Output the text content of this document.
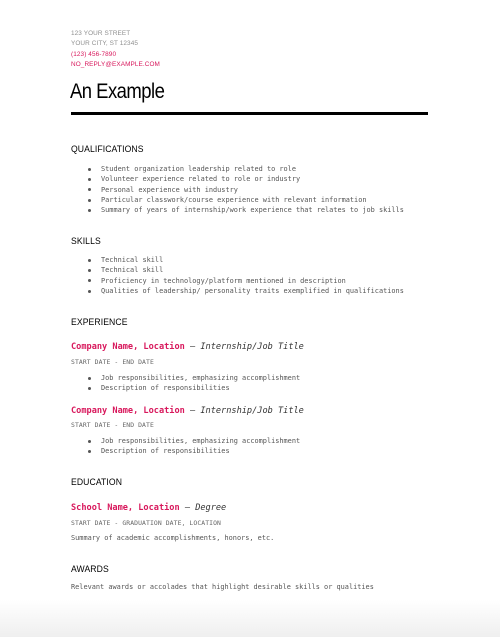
123 YOUR STREET
YOUR CITY, ST 12345
(123) 456-7890
NO_REPLY@EXAMPLE.COM
An Example
QUALIFICATIONS
Student organization leadership related to role
Volunteer experience related to role or industry
Personal experience with industry
Particular classwork/course experience with relevant information
Summary of years of internship/work experience that relates to job skills
SKILLS
Technical skill
Technical skill
Proficiency in technology/platform mentioned in description
Qualities of leadership/ personality traits exemplified in qualifications
EXPERIENCE

Company Name, Location — Internship/Job Title

START DATE - END DATE

Job responsibilities, emphasizing accomplishment
Description of responsibilities

Company Name, Location — Internship/Job Title

START DATE - END DATE

Job responsibilities, emphasizing accomplishment
Description of responsibilities
EDUCATION

School Name, Location — Degree

START DATE - GRADUATION DATE, LOCATION

Summary of academic accomplishments, honors, etc.

AWARDS

Relevant awards or accolades that highlight desirable skills or qualities
